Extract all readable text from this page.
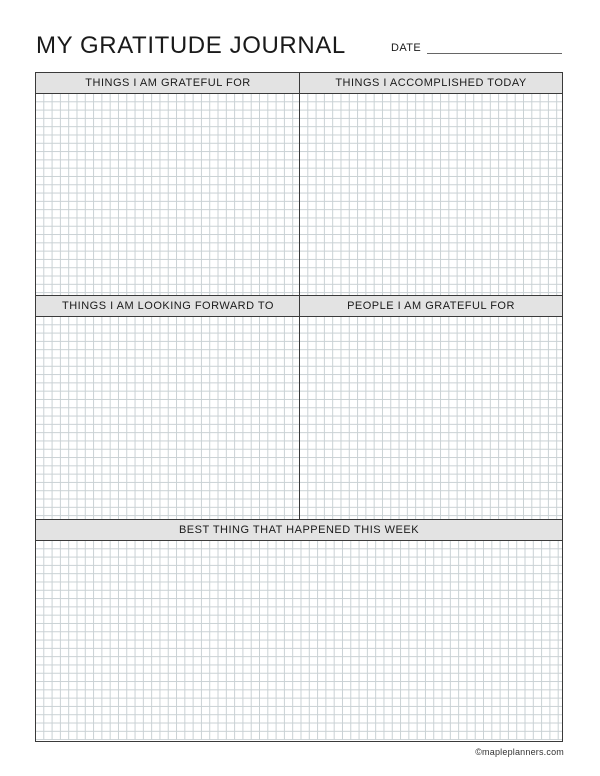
MY GRATITUDE JOURNAL	DATE
THINGS I AM GRATEFUL FOR	THINGS I ACCOMPLISHED TODAY
THINGS I AM LOOKING FORWARD TO	PEOPLE I AM GRATEFUL FOR
BEST THING THAT HAPPENED THIS WEEK
©mapleplanners.com
